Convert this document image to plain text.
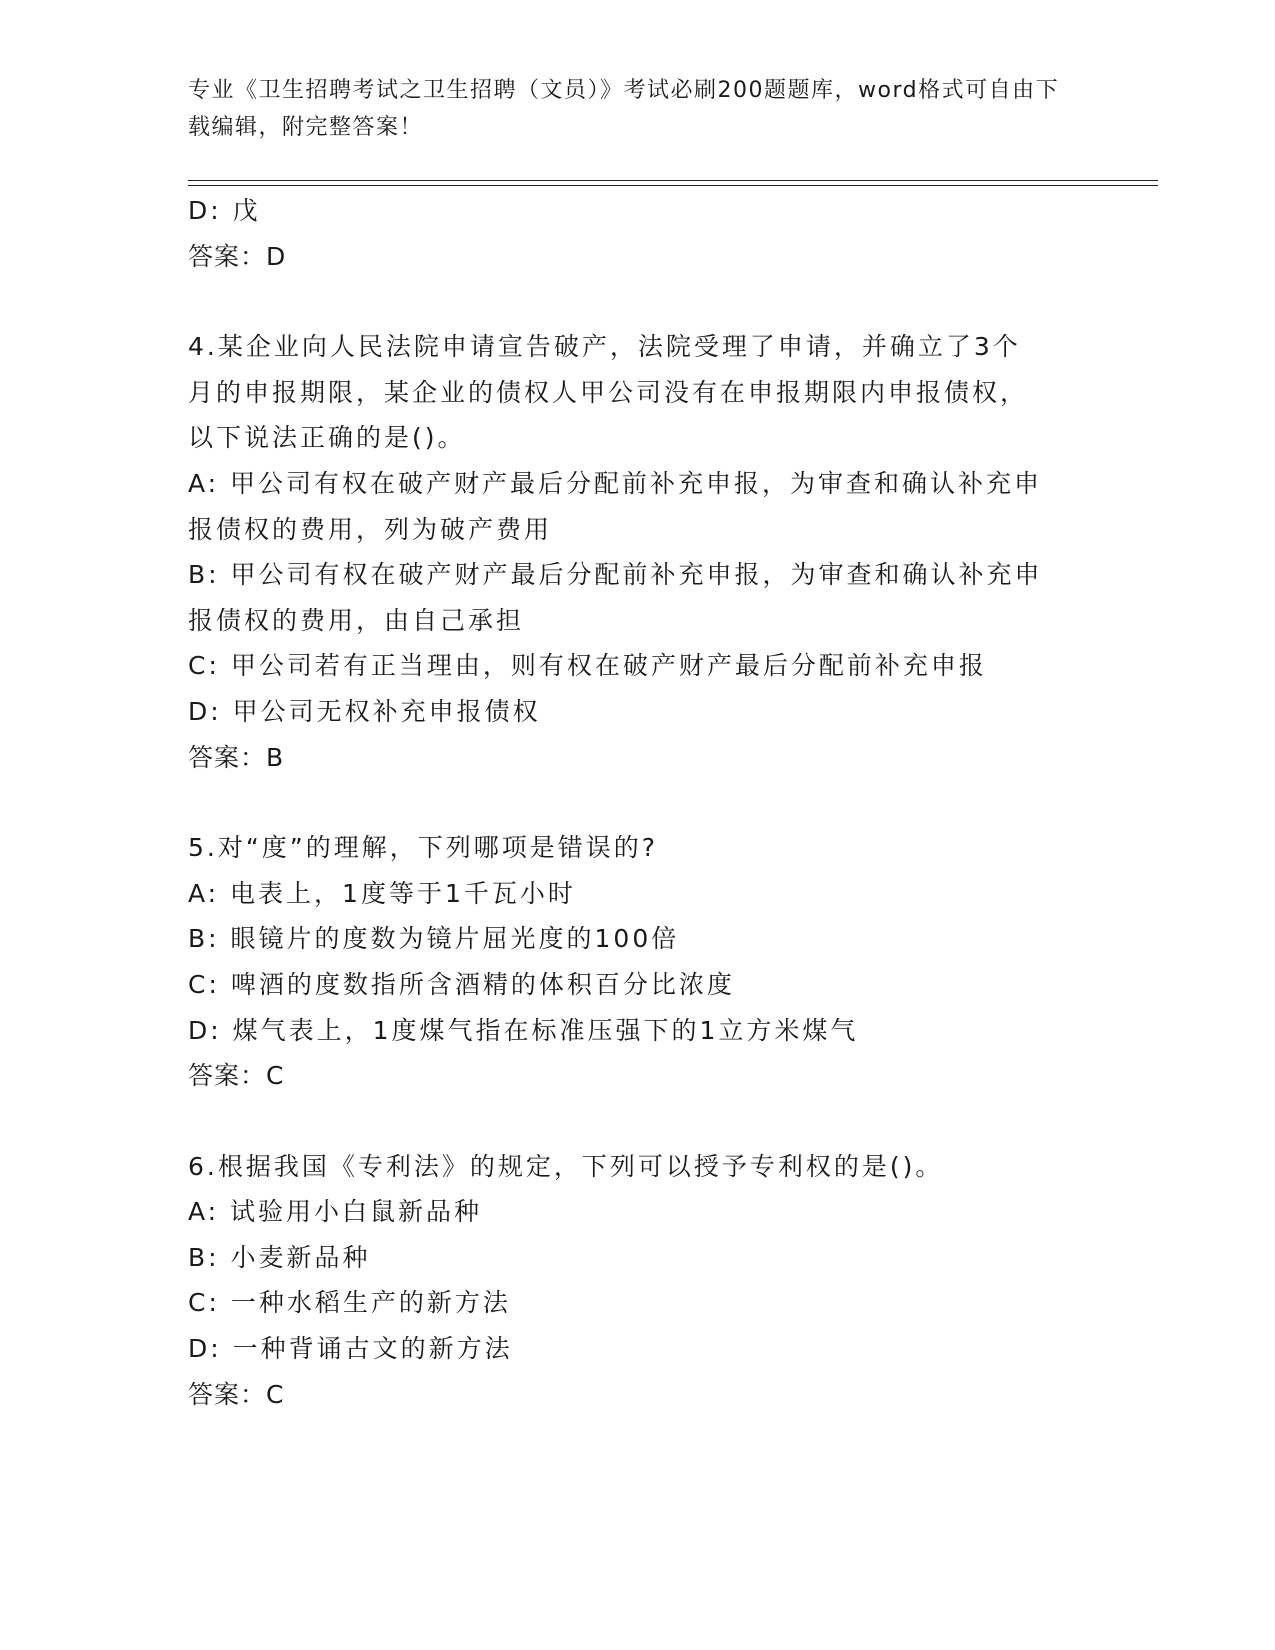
专业《卫生招聘考试之卫生招聘（文员）》考试必刷200题题库，word格式可自由下载编辑，附完整答案！
D: 戊
答案：D
4.某企业向人民法院申请宣告破产，法院受理了申请，并确立了3个
月的申报期限，某企业的债权人甲公司没有在申报期限内申报债权，
以下说法正确的是()。
A: 甲公司有权在破产财产最后分配前补充申报，为审查和确认补充申
报债权的费用，列为破产费用
B: 甲公司有权在破产财产最后分配前补充申报，为审查和确认补充申
报债权的费用，由自己承担
C: 甲公司若有正当理由，则有权在破产财产最后分配前补充申报
D: 甲公司无权补充申报债权
答案：B
5.对“度”的理解，下列哪项是错误的?
A: 电表上，1度等于1千瓦小时
B: 眼镜片的度数为镜片屈光度的100倍
C: 啤酒的度数指所含酒精的体积百分比浓度
D: 煤气表上，1度煤气指在标准压强下的1立方米煤气
答案：C
6.根据我国《专利法》的规定，下列可以授予专利权的是()。
A: 试验用小白鼠新品种
B: 小麦新品种
C: 一种水稻生产的新方法
D: 一种背诵古文的新方法
答案：C
